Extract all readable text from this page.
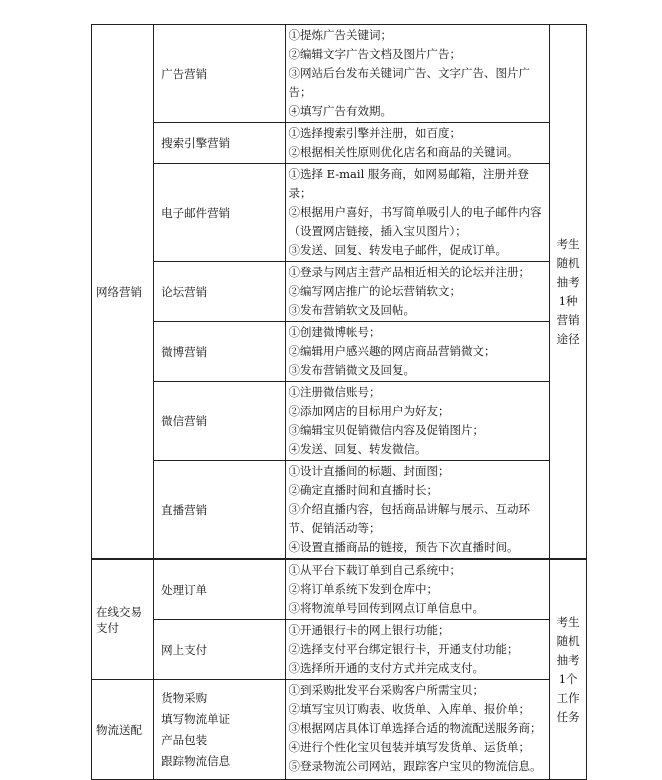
网络营销	广告营销	①提炼广告关键词；
②编辑文字广告文档及图片广告；
③网站后台发布关键词广告、文字广告、图片广告；
④填写广告有效期。	考生随机抽考1种营销途径
	搜索引擎营销	①选择搜索引擎并注册，如百度；
②根据相关性原则优化店名和商品的关键词。	

	电子邮件营销	①选择 E-mail 服务商，如网易邮箱，注册并登录；
②根据用户喜好，书写简单吸引人的电子邮件内容（设置网店链接，插入宝贝图片）；
③发送、回复、转发电子邮件，促成订单。	

	论坛营销	①登录与网店主营产品相近相关的论坛并注册；
②编写网店推广的论坛营销软文；
③发布营销软文及回帖。	

	微博营销	①创建微博帐号；
②编辑用户感兴趣的网店商品营销微文；
③发布营销微文及回复。	

	微信营销	①注册微信账号；
②添加网店的目标用户为好友；
③编辑宝贝促销微信内容及促销图片；
④发送、回复、转发微信。	

	直播营销	①设计直播间的标题、封面图；
②确定直播时间和直播时长；
③介绍直播内容，包括商品讲解与展示、互动环节、促销活动等；
④设置直播商品的链接，预告下次直播时间。	

在线交易支付	处理订单	①从平台下载订单到自己系统中；
②将订单系统下发到仓库中；
③将物流单号回传到网点订单信息中。	考生随机抽考1个工作任务
	网上支付	①开通银行卡的网上银行功能；
②选择支付平台绑定银行卡，开通支付功能；
③选择所开通的支付方式并完成支付。	

物流送配	货物采购
填写物流单证
产品包装
跟踪物流信息	①到采购批发平台采购客户所需宝贝；
②填写宝贝订购表、收货单、入库单、报价单；
③根据网店具体订单选择合适的物流配送服务商；
④进行个性化宝贝包装并填写发货单、运货单；
⑤登录物流公司网站，跟踪客户宝贝的物流信息。	
